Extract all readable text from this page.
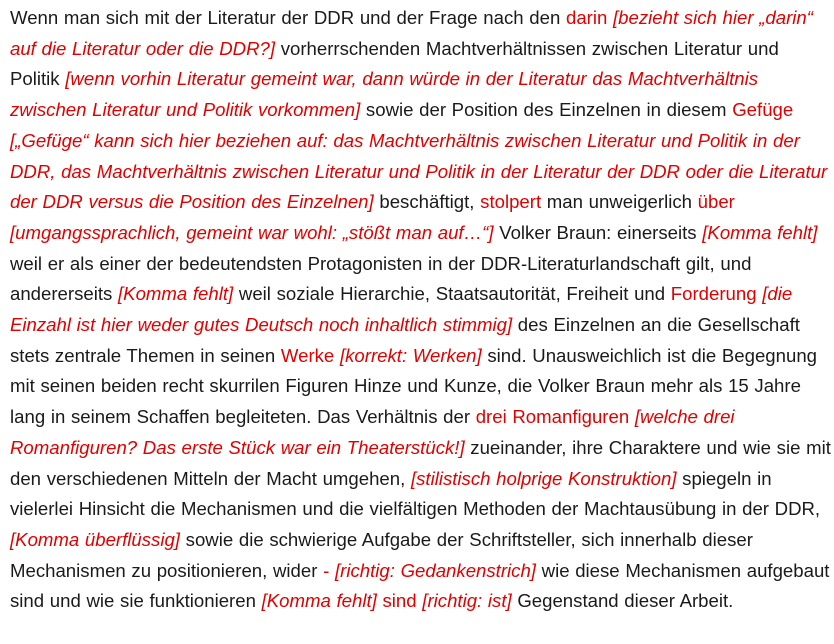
Wenn man sich mit der Literatur der DDR und der Frage nach den darin [bezieht sich hier „darin“ auf die Literatur oder die DDR?] vorherrschenden Machtverhältnissen zwischen Literatur und Politik [wenn vorhin Literatur gemeint war, dann würde in der Literatur das Machtverhältnis zwischen Literatur und Politik vorkommen] sowie der Position des Einzelnen in diesem Gefüge [„Gefüge“ kann sich hier beziehen auf: das Machtverhältnis zwischen Literatur und Politik in der DDR, das Machtverhältnis zwischen Literatur und Politik in der Literatur der DDR oder die Literatur der DDR versus die Position des Einzelnen] beschäftigt, stolpert man unweigerlich über [umgangssprachlich, gemeint war wohl: „stößt man auf…“] Volker Braun: einerseits [Komma fehlt] weil er als einer der bedeutendsten Protagonisten in der DDR-Literaturlandschaft gilt, und andererseits [Komma fehlt] weil soziale Hierarchie, Staatsautorität, Freiheit und Forderung [die Einzahl ist hier weder gutes Deutsch noch inhaltlich stimmig] des Einzelnen an die Gesellschaft stets zentrale Themen in seinen Werke [korrekt: Werken] sind. Unausweichlich ist die Begegnung mit seinen beiden recht skurrilen Figuren Hinze und Kunze, die Volker Braun mehr als 15 Jahre lang in seinem Schaffen begleiteten. Das Verhältnis der drei Romanfiguren [welche drei Romanfiguren? Das erste Stück war ein Theaterstück!] zueinander, ihre Charaktere und wie sie mit den verschiedenen Mitteln der Macht umgehen, [stilistisch holprige Konstruktion] spiegeln in vielerlei Hinsicht die Mechanismen und die vielfältigen Methoden der Machtausübung in der DDR, [Komma überflüssig] sowie die schwierige Aufgabe der Schriftsteller, sich innerhalb dieser Mechanismen zu positionieren, wider - [richtig: Gedankenstrich] wie diese Mechanismen aufgebaut sind und wie sie funktionieren [Komma fehlt] sind [richtig: ist] Gegenstand dieser Arbeit.
